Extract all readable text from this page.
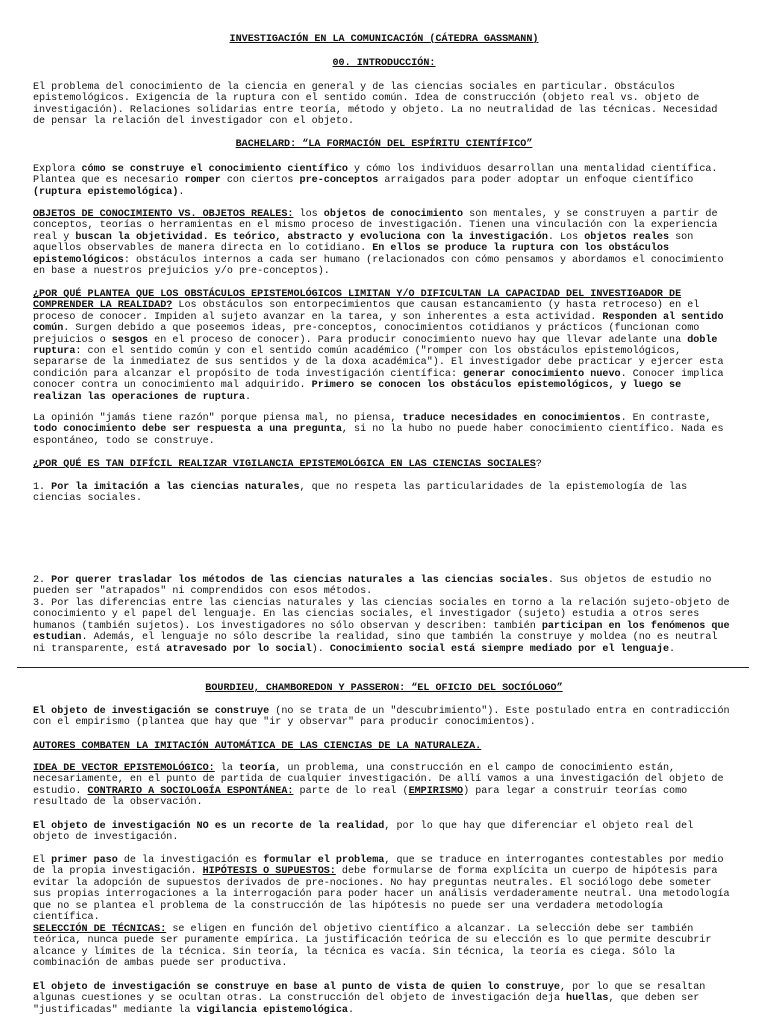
INVESTIGACIÓN EN LA COMUNICACIÓN (CÁTEDRA GASSMANN)
00. INTRODUCCIÓN:

El problema del conocimiento de la ciencia en general y de las ciencias sociales en particular. Obstáculos epistemológicos. Exigencia de la ruptura con el sentido común. Idea de construcción (objeto real vs. objeto de investigación). Relaciones solidarias entre teoría, método y objeto. La no neutralidad de las técnicas. Necesidad de pensar la relación del investigador con el objeto.

BACHELARD: “LA FORMACIÓN DEL ESPÍRITU CIENTÍFICO”

Explora cómo se construye el conocimiento científico y cómo los individuos desarrollan una mentalidad científica. Plantea que es necesario romper con ciertos pre-conceptos arraigados para poder adoptar un enfoque científico (ruptura epistemológica).

OBJETOS DE CONOCIMIENTO VS. OBJETOS REALES: los objetos de conocimiento son mentales, y se construyen a partir de conceptos, teorías o herramientas en el mismo proceso de investigación. Tienen una vinculación con la experiencia real y buscan la objetividad. Es teórico, abstracto y evoluciona con la investigación. Los objetos reales son aquellos observables de manera directa en lo cotidiano. En ellos se produce la ruptura con los obstáculos epistemológicos: obstáculos internos a cada ser humano (relacionados con cómo pensamos y abordamos el conocimiento en base a nuestros prejuicios y/o pre-conceptos).

¿POR QUÉ PLANTEA QUE LOS OBSTÁCULOS EPISTEMOLÓGICOS LIMITAN Y/O DIFICULTAN LA CAPACIDAD DEL INVESTIGADOR DE COMPRENDER LA REALIDAD? Los obstáculos son entorpecimientos que causan estancamiento (y hasta retroceso) en el proceso de conocer. Impiden al sujeto avanzar en la tarea, y son inherentes a esta actividad. Responden al sentido común. Surgen debido a que poseemos ideas, pre-conceptos, conocimientos cotidianos y prácticos (funcionan como prejuicios o sesgos en el proceso de conocer). Para producir conocimiento nuevo hay que llevar adelante una doble ruptura: con el sentido común y con el sentido común académico ("romper con los obstáculos epistemológicos, separarse de la inmediatez de sus sentidos y de la doxa académica"). El investigador debe practicar y ejercer esta condición para alcanzar el propósito de toda investigación científica: generar conocimiento nuevo. Conocer implica conocer contra un conocimiento mal adquirido. Primero se conocen los obstáculos epistemológicos, y luego se realizan las operaciones de ruptura.

La opinión "jamás tiene razón" porque piensa mal, no piensa, traduce necesidades en conocimientos. En contraste, todo conocimiento debe ser respuesta a una pregunta, si no la hubo no puede haber conocimiento científico. Nada es espontáneo, todo se construye.

¿POR QUÉ ES TAN DIFÍCIL REALIZAR VIGILANCIA EPISTEMOLÓGICA EN LAS CIENCIAS SOCIALES?

1. Por la imitación a las ciencias naturales, que no respeta las particularidades de la epistemología de las ciencias sociales.

2. Por querer trasladar los métodos de las ciencias naturales a las ciencias sociales. Sus objetos de estudio no pueden ser "atrapados" ni comprendidos con esos métodos.

3. Por las diferencias entre las ciencias naturales y las ciencias sociales en torno a la relación sujeto-objeto de conocimiento y el papel del lenguaje. En las ciencias sociales, el investigador (sujeto) estudia a otros seres humanos (también sujetos). Los investigadores no sólo observan y describen: también participan en los fenómenos que estudian. Además, el lenguaje no sólo describe la realidad, sino que también la construye y moldea (no es neutral ni transparente, está atravesado por lo social). Conocimiento social está siempre mediado por el lenguaje.

BOURDIEU, CHAMBOREDON Y PASSERON: “EL OFICIO DEL SOCIÓLOGO”

El objeto de investigación se construye (no se trata de un "descubrimiento"). Este postulado entra en contradicción con el empirismo (plantea que hay que "ir y observar" para producir conocimientos).

AUTORES COMBATEN LA IMITACIÓN AUTOMÁTICA DE LAS CIENCIAS DE LA NATURALEZA.

IDEA DE VECTOR EPISTEMOLÓGICO: la teoría, un problema, una construcción en el campo de conocimiento están, necesariamente, en el punto de partida de cualquier investigación. De allí vamos a una investigación del objeto de estudio. CONTRARIO A SOCIOLOGÍA ESPONTÁNEA: parte de lo real (EMPIRISMO) para legar a construir teorías como resultado de la observación.

El objeto de investigación NO es un recorte de la realidad, por lo que hay que diferenciar el objeto real del objeto de investigación.

El primer paso de la investigación es formular el problema, que se traduce en interrogantes contestables por medio de la propia investigación. HIPÓTESIS O SUPUESTOS: debe formularse de forma explícita un cuerpo de hipótesis para evitar la adopción de supuestos derivados de pre-nociones. No hay preguntas neutrales. El sociólogo debe someter sus propias interrogaciones a la interrogación para poder hacer un análisis verdaderamente neutral. Una metodología que no se plantea el problema de la construcción de las hipótesis no puede ser una verdadera metodología científica.

SELECCIÓN DE TÉCNICAS: se eligen en función del objetivo científico a alcanzar. La selección debe ser también teórica, nunca puede ser puramente empírica. La justificación teórica de su elección es lo que permite descubrir alcance y límites de la técnica. Sin teoría, la técnica es vacía. Sin técnica, la teoría es ciega. Sólo la combinación de ambas puede ser productiva.

El objeto de investigación se construye en base al punto de vista de quien lo construye, por lo que se resaltan algunas cuestiones y se ocultan otras. La construcción del objeto de investigación deja huellas, que deben ser "justificadas" mediante la vigilancia epistemológica.
